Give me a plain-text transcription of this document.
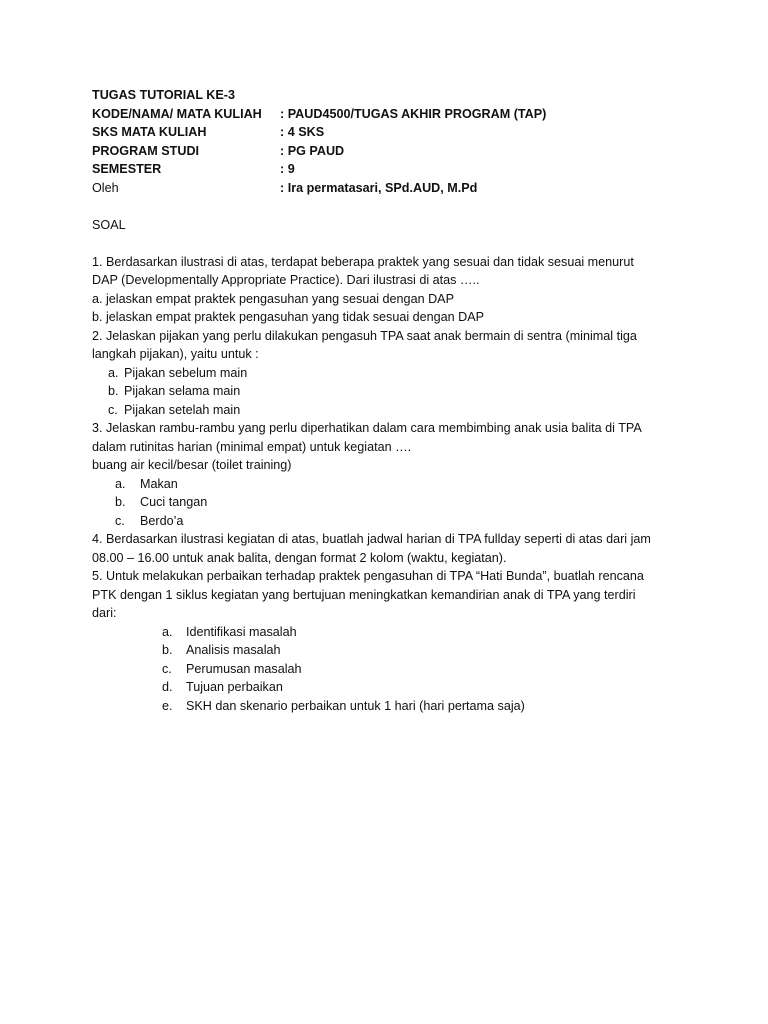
TUGAS TUTORIAL KE-3
KODE/NAMA/ MATA KULIAH	: PAUD4500/TUGAS AKHIR PROGRAM (TAP)
SKS MATA KULIAH	: 4 SKS
PROGRAM STUDI	: PG PAUD
SEMESTER	: 9
Oleh	: Ira permatasari, SPd.AUD, M.Pd

SOAL

1. Berdasarkan ilustrasi di atas, terdapat beberapa praktek yang sesuai dan tidak sesuai menurut

DAP (Developmentally Appropriate Practice). Dari ilustrasi di atas …..

a. jelaskan empat praktek pengasuhan yang sesuai dengan DAP

b. jelaskan empat praktek pengasuhan yang tidak sesuai dengan DAP

2. Jelaskan pijakan yang perlu dilakukan pengasuh TPA saat anak bermain di sentra (minimal tiga

langkah pijakan), yaitu untuk :

a. Pijakan sebelum main
b. Pijakan selama main
c. Pijakan setelah main

3. Jelaskan rambu-rambu yang perlu diperhatikan dalam cara membimbing anak usia balita di TPA

dalam rutinitas harian (minimal empat) untuk kegiatan ….

buang air kecil/besar (toilet training)

a.	Makan
b.	Cuci tangan
c.	Berdo’a

4. Berdasarkan ilustrasi kegiatan di atas, buatlah jadwal harian di TPA fullday seperti di atas dari jam

08.00 – 16.00 untuk anak balita, dengan format 2 kolom (waktu, kegiatan).

5. Untuk melakukan perbaikan terhadap praktek pengasuhan di TPA “Hati Bunda”, buatlah rencana

PTK dengan 1 siklus kegiatan yang bertujuan meningkatkan kemandirian anak di TPA yang terdiri

dari:

a.	Identifikasi masalah
b.	Analisis masalah
c.	Perumusan masalah
d.	Tujuan perbaikan
e.	SKH dan skenario perbaikan untuk 1 hari (hari pertama saja)
